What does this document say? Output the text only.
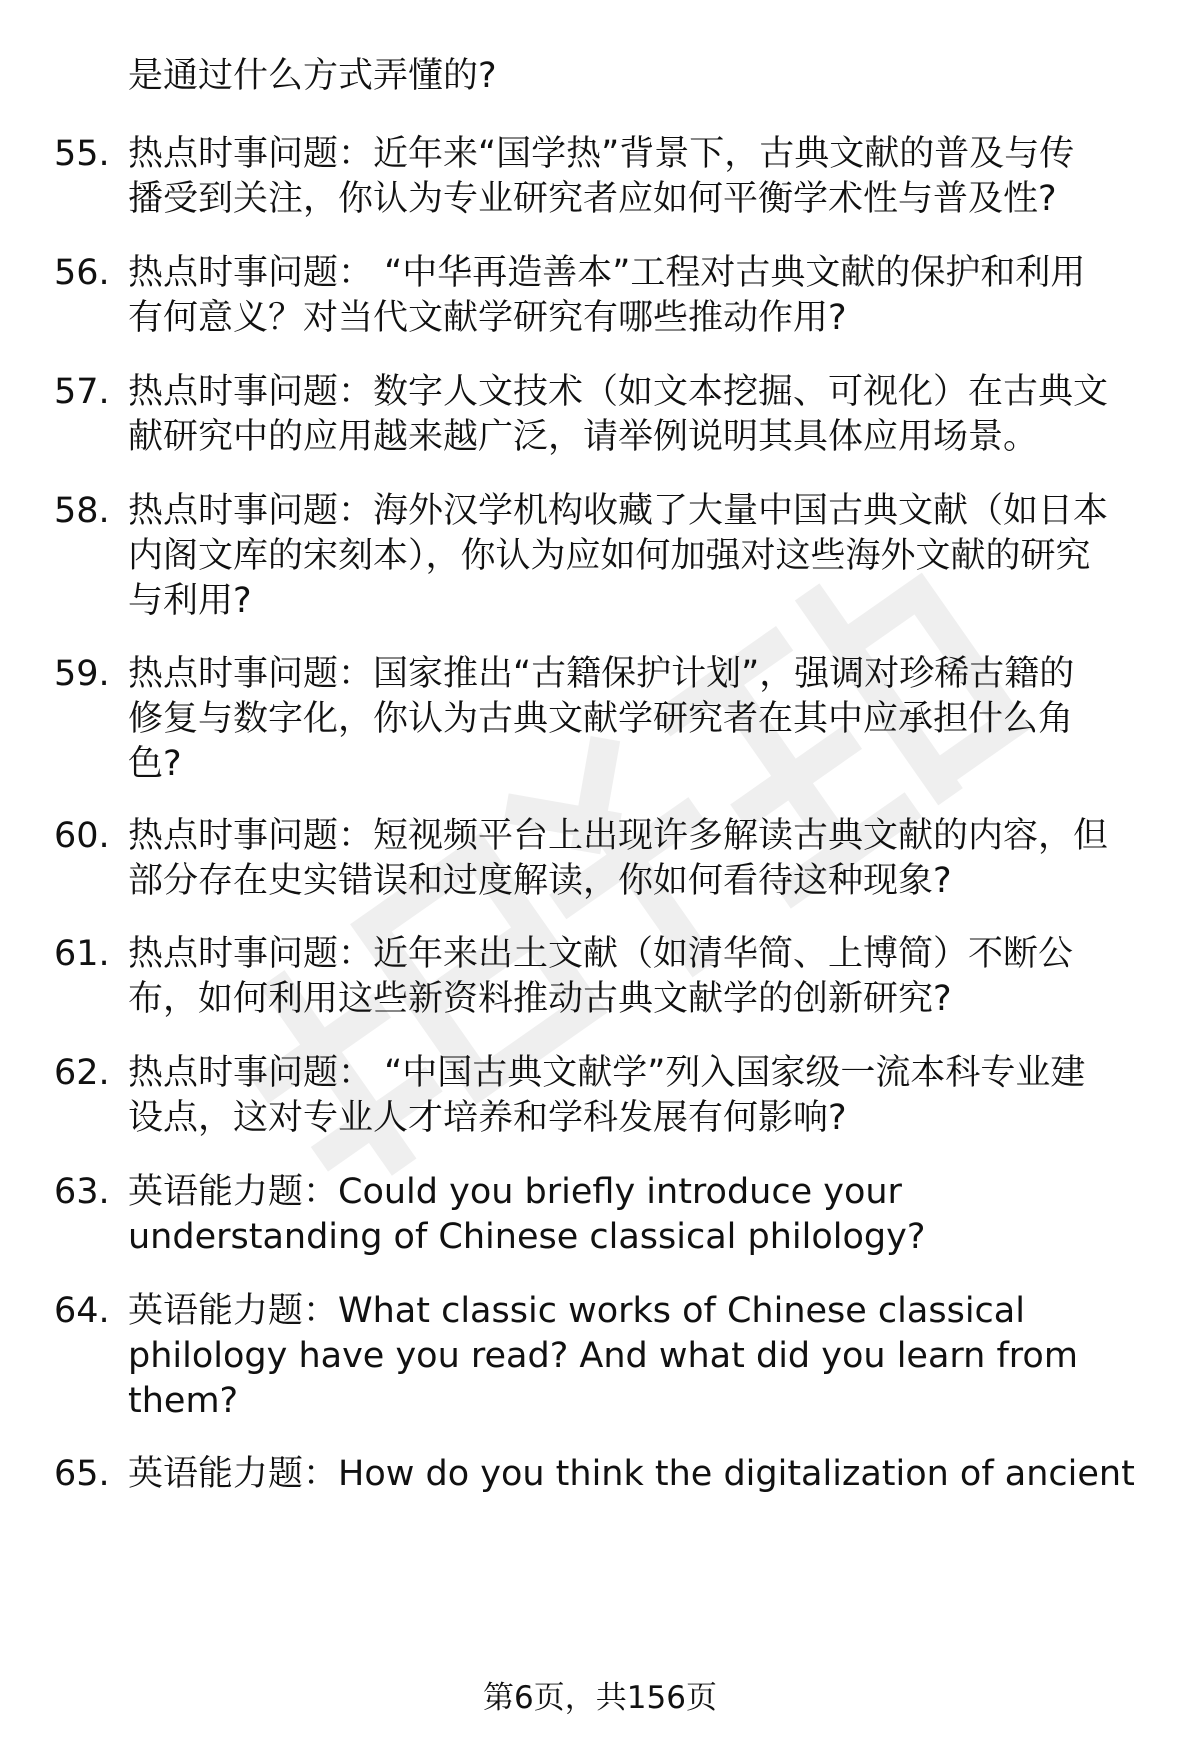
是通过什么方式弄懂的?
55. 热点时事问题：近年来“国学热”背景下，古典文献的普及与传
播受到关注，你认为专业研究者应如何平衡学术性与普及性?
56. 热点时事问题： “中华再造善本”工程对古典文献的保护和利用
有何意义？对当代文献学研究有哪些推动作用?
57. 热点时事问题：数字人文技术（如文本挖掘、可视化）在古典文
献研究中的应用越来越广泛，请举例说明其具体应用场景。
58. 热点时事问题：海外汉学机构收藏了大量中国古典文献（如日本
内阁文库的宋刻本），你认为应如何加强对这些海外文献的研究
与利用?
59. 热点时事问题：国家推出“古籍保护计划”，强调对珍稀古籍的
修复与数字化，你认为古典文献学研究者在其中应承担什么角
色?
60. 热点时事问题：短视频平台上出现许多解读古典文献的内容，但
部分存在史实错误和过度解读，你如何看待这种现象?
61. 热点时事问题：近年来出土文献（如清华简、上博简）不断公
布，如何利用这些新资料推动古典文献学的创新研究?
62. 热点时事问题： “中国古典文献学”列入国家级一流本科专业建
设点，这对专业人才培养和学科发展有何影响?
63. 英语能力题：Could you briefly introduce your
understanding of Chinese classical philology?
64. 英语能力题：What classic works of Chinese classical
philology have you read? And what did you learn from
them?
65. 英语能力题：How do you think the digitalization of ancient
第6页，共156页
